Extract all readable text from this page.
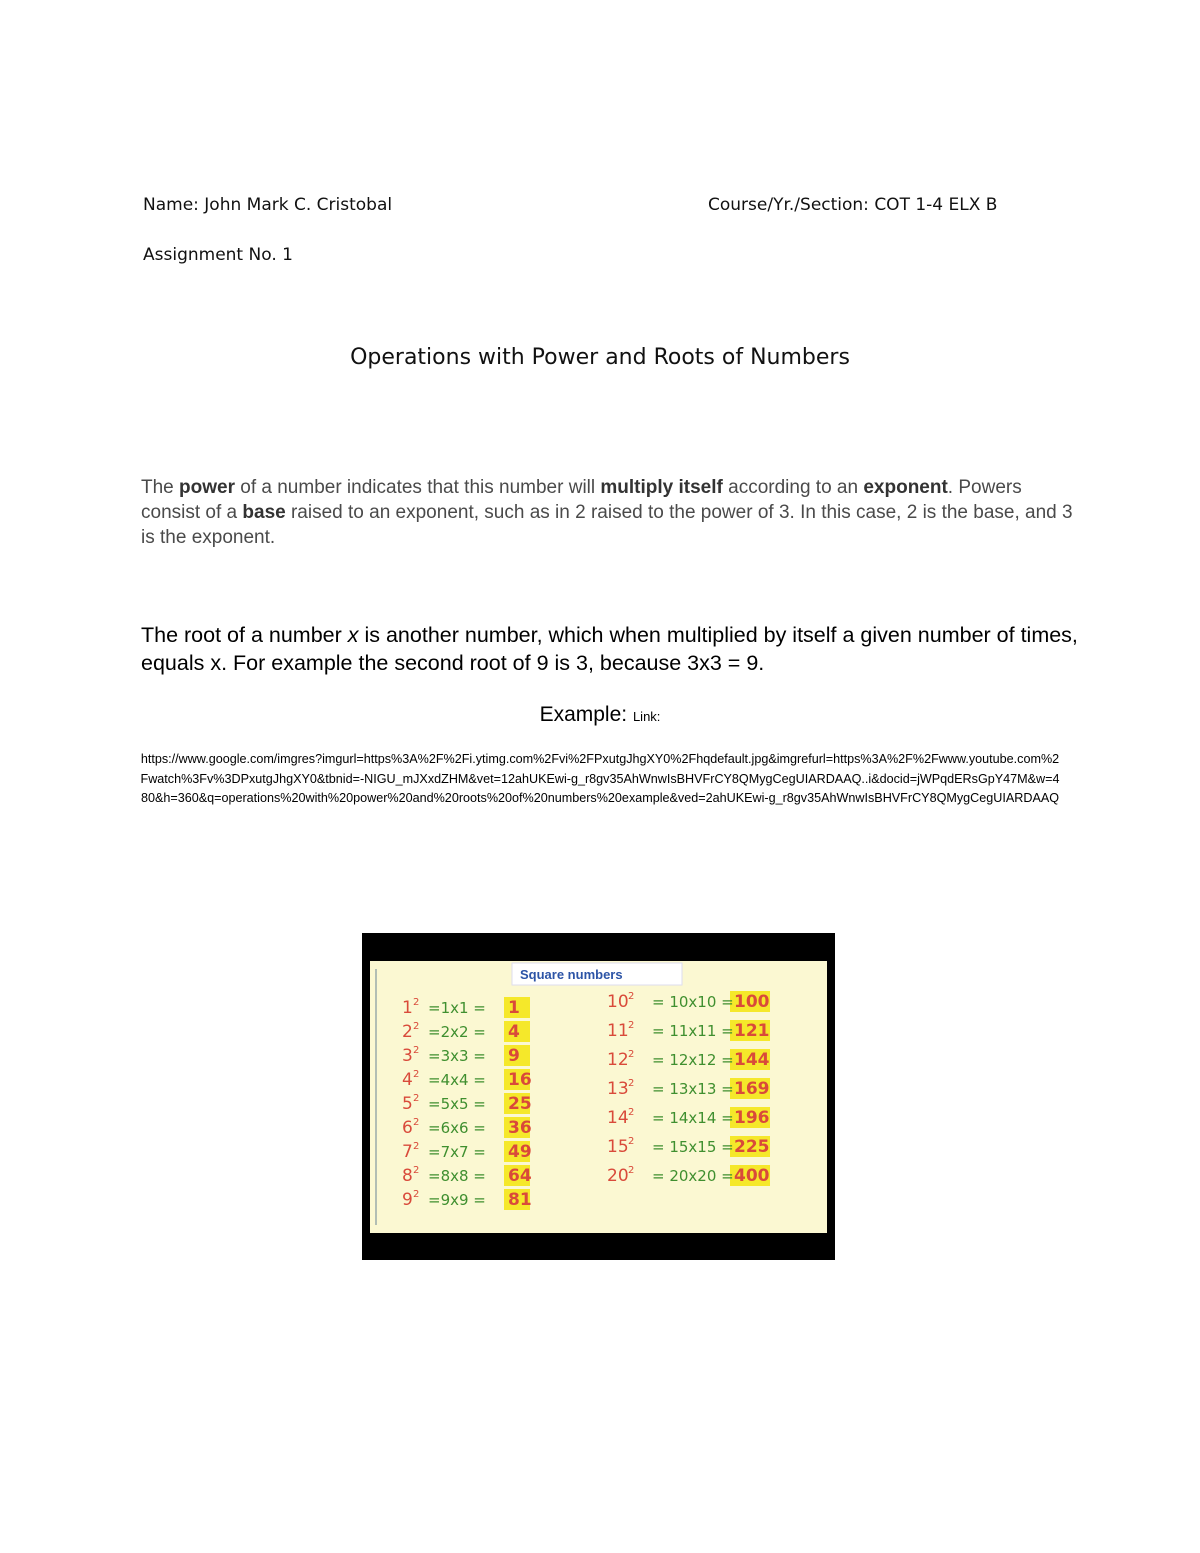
Name: John Mark C. Cristobal	Course/Yr./Section: COT 1-4 ELX B
Assignment No. 1
Operations with Power and Roots of Numbers
The power of a number indicates that this number will multiply itself according to an exponent. Powers consist of a base raised to an exponent, such as in 2 raised to the power of 3. In this case, 2 is the base, and 3 is the exponent.
The root of a number x is another number, which when multiplied by itself a given number of times, equals x. For example the second root of 9 is 3, because 3x3 = 9.
Example: Link:
https://www.google.com/imgres?imgurl=https%3A%2F%2Fi.ytimg.com%2Fvi%2FPxutgJhgXY0%2Fhqdefault.jpg&imgrefurl=https%3A%2F%2Fwww.youtube.com%2Fwatch%3Fv%3DPxutgJhgXY0&tbnid=-NIGU_mJXxdZHM&vet=12ahUKEwi-g_r8gv35AhWnwIsBHVFrCY8QMygCegUIARDAAQ..i&docid=jWPqdERsGpY47M&w=480&h=360&q=operations%20with%20power%20and%20roots%20of%20numbers%20example&ved=2ahUKEwi-g_r8gv35AhWnwIsBHVFrCY8QMygCegUIARDAAQ
Square numbers
1 2 =1x1 = 1
2 2 =2x2 = 4
3 2 =3x3 = 9
4 2 =4x4 = 16
5 2 =5x5 = 25
6 2 =6x6 = 36
7 2 =7x7 = 49
8 2 =8x8 = 64
9 2 =9x9 = 81
10 2 = 10x10 = 100
11 2 = 11x11 = 121
12 2 = 12x12 = 144
13 2 = 13x13 = 169
14 2 = 14x14 = 196
15 2 = 15x15 = 225
20 2 = 20x20 = 400
